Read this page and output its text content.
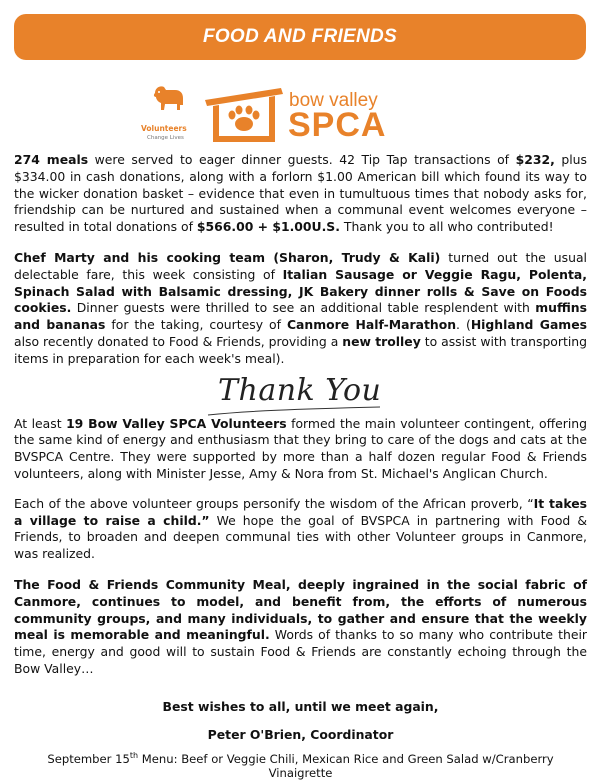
FOOD AND FRIENDS
Volunteers
Change Lives
bow valley
SPCA

274 meals were served to eager dinner guests. 42 Tip Tap transactions of $232, plus $334.00 in cash donations, along with a forlorn $1.00 American bill which found its way to the wicker donation basket – evidence that even in tumultuous times that nobody asks for, friendship can be nurtured and sustained when a communal event welcomes everyone – resulted in total donations of $566.00 + $1.00U.S. Thank you to all who contributed!

Chef Marty and his cooking team (Sharon, Trudy & Kali) turned out the usual delectable fare, this week consisting of Italian Sausage or Veggie Ragu, Polenta, Spinach Salad with Balsamic dressing, JK Bakery dinner rolls & Save on Foods cookies. Dinner guests were thrilled to see an additional table resplendent with muffins and bananas for the taking, courtesy of Canmore Half-Marathon. (Highland Games also recently donated to Food & Friends, providing a new trolley to assist with transporting items in preparation for each week's meal).

At least 19 Bow Valley SPCA Volunteers formed the main volunteer contingent, offering the same kind of energy and enthusiasm that they bring to care of the dogs and cats at the BVSPCA Centre. They were supported by more than a half dozen regular Food & Friends volunteers, along with Minister Jesse, Amy & Nora from St. Michael's Anglican Church.

Each of the above volunteer groups personify the wisdom of the African proverb, “It takes a village to raise a child.” We hope the goal of BVSPCA in partnering with Food & Friends, to broaden and deepen communal ties with other Volunteer groups in Canmore, was realized.

The Food & Friends Community Meal, deeply ingrained in the social fabric of Canmore, continues to model, and benefit from, the efforts of numerous community groups, and many individuals, to gather and ensure that the weekly meal is memorable and meaningful. Words of thanks to so many who contribute their time, energy and good will to sustain Food & Friends are constantly echoing through the Bow Valley…

Thank You
Best wishes to all, until we meet again,
Peter O'Brien, Coordinator
September 15th Menu: Beef or Veggie Chili, Mexican Rice and Green Salad w/Cranberry Vinaigrette
